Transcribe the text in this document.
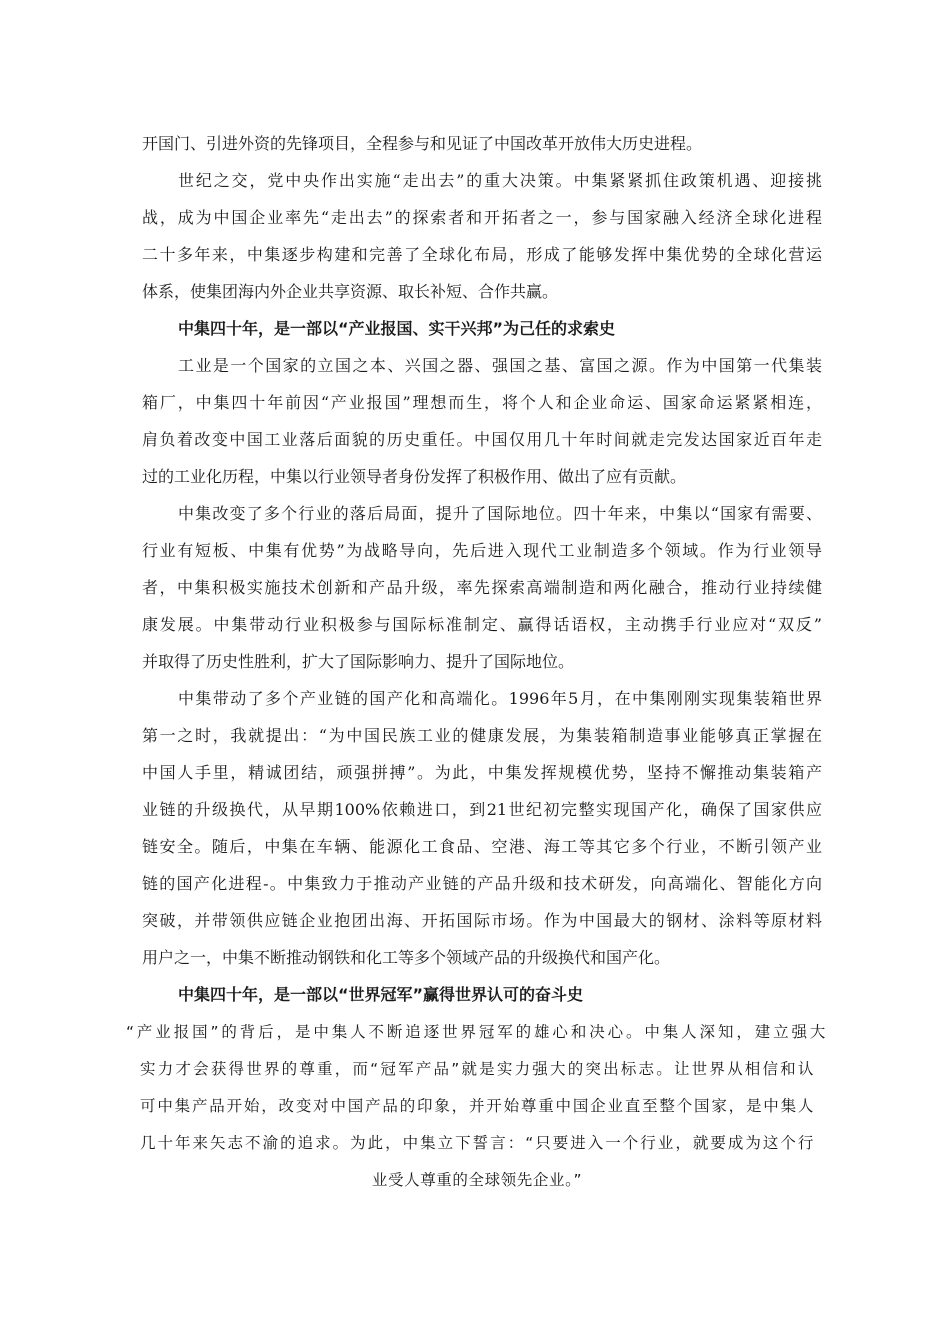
开国门、引进外资的先锋项目，全程参与和见证了中国改革开放伟大历史进程。
世纪之交，党中央作出实施“走出去”的重大决策。中集紧紧抓住政策机遇、迎接挑
战，成为中国企业率先“走出去”的探索者和开拓者之一，参与国家融入经济全球化进程
二十多年来，中集逐步构建和完善了全球化布局，形成了能够发挥中集优势的全球化营运
体系，使集团海内外企业共享资源、取长补短、合作共赢。
中集四十年，是一部以“产业报国、实干兴邦”为己任的求索史
工业是一个国家的立国之本、兴国之器、强国之基、富国之源。作为中国第一代集装
箱厂，中集四十年前因“产业报国”理想而生，将个人和企业命运、国家命运紧紧相连，
肩负着改变中国工业落后面貌的历史重任。中国仅用几十年时间就走完发达国家近百年走
过的工业化历程，中集以行业领导者身份发挥了积极作用、做出了应有贡献。
中集改变了多个行业的落后局面，提升了国际地位。四十年来，中集以“国家有需要、
行业有短板、中集有优势”为战略导向，先后进入现代工业制造多个领域。作为行业领导
者，中集积极实施技术创新和产品升级，率先探索高端制造和两化融合，推动行业持续健
康发展。中集带动行业积极参与国际标准制定、赢得话语权，主动携手行业应对“双反”
并取得了历史性胜利，扩大了国际影响力、提升了国际地位。
中集带动了多个产业链的国产化和高端化。1996年5月，在中集刚刚实现集装箱世界
第一之时，我就提出：“为中国民族工业的健康发展，为集装箱制造事业能够真正掌握在
中国人手里，精诚团结，顽强拼搏”。为此，中集发挥规模优势，坚持不懈推动集装箱产
业链的升级换代，从早期100%依赖进口，到21世纪初完整实现国产化，确保了国家供应
链安全。随后，中集在车辆、能源化工食品、空港、海工等其它多个行业，不断引领产业
链的国产化进程-。中集致力于推动产业链的产品升级和技术研发，向高端化、智能化方向
突破，并带领供应链企业抱团出海、开拓国际市场。作为中国最大的钢材、涂料等原材料
用户之一，中集不断推动钢铁和化工等多个领域产品的升级换代和国产化。
中集四十年，是一部以“世界冠军”赢得世界认可的奋斗史
“产业报国”的背后，是中集人不断追逐世界冠军的雄心和决心。中集人深知，建立强大
实力才会获得世界的尊重，而“冠军产品”就是实力强大的突出标志。让世界从相信和认
可中集产品开始，改变对中国产品的印象，并开始尊重中国企业直至整个国家，是中集人
几十年来矢志不渝的追求。为此，中集立下誓言：“只要进入一个行业，就要成为这个行
业受人尊重的全球领先企业。”
